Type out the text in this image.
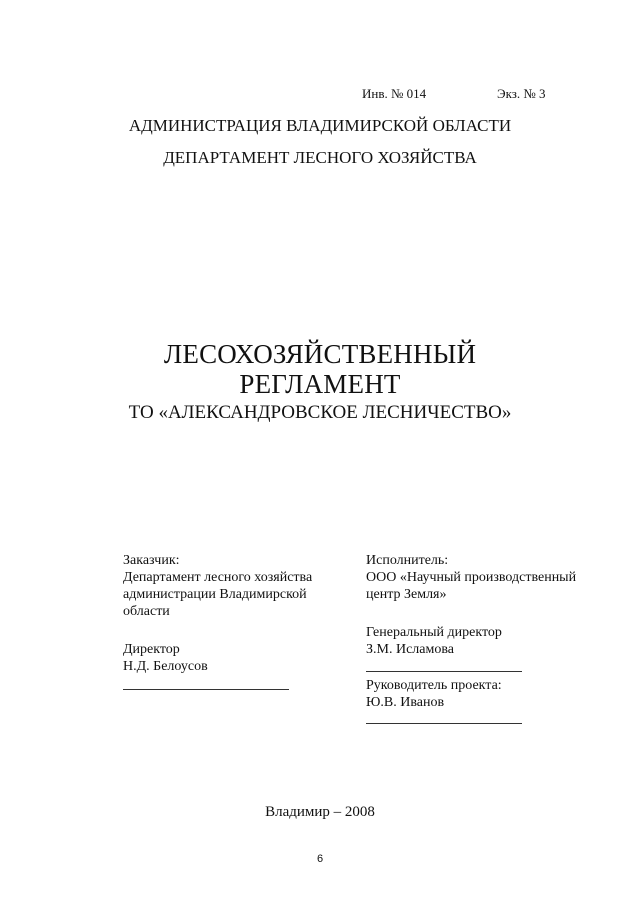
Инв. № 014	Экз. № 3
АДМИНИСТРАЦИЯ ВЛАДИМИРСКОЙ ОБЛАСТИ
ДЕПАРТАМЕНТ ЛЕСНОГО ХОЗЯЙСТВА
ЛЕСОХОЗЯЙСТВЕННЫЙ
РЕГЛАМЕНТ
ТО «АЛЕКСАНДРОВСКОЕ ЛЕСНИЧЕСТВО»
Заказчик:
Департамент лесного хозяйства
администрации Владимирской
области
Директор
Н.Д. Белоусов
Исполнитель:
ООО «Научный производственный
центр Земля»
Генеральный директор
З.М. Исламова
Руководитель проекта:
Ю.В. Иванов
Владимир – 2008
6
